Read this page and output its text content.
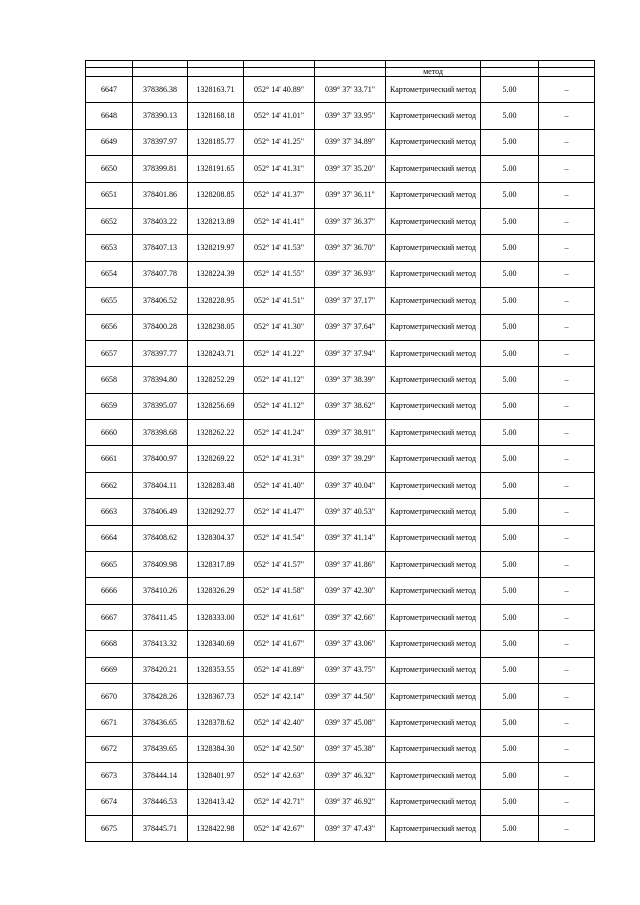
					метод		
6647	378386.38	1328163.71	052° 14' 40.89"	039° 37' 33.71"	Картометрический метод	5.00	–
6648	378390.13	1328168.18	052° 14' 41.01"	039° 37' 33.95"	Картометрический метод	5.00	–
6649	378397.97	1328185.77	052° 14' 41.25"	039° 37' 34.89"	Картометрический метод	5.00	–
6650	378399.81	1328191.65	052° 14' 41.31"	039° 37' 35.20"	Картометрический метод	5.00	–
6651	378401.86	1328208.85	052° 14' 41.37"	039° 37' 36.11"	Картометрический метод	5.00	–
6652	378403.22	1328213.89	052° 14' 41.41"	039° 37' 36.37"	Картометрический метод	5.00	–
6653	378407.13	1328219.97	052° 14' 41.53"	039° 37' 36.70"	Картометрический метод	5.00	–
6654	378407.78	1328224.39	052° 14' 41.55"	039° 37' 36.93"	Картометрический метод	5.00	–
6655	378406.52	1328228.95	052° 14' 41.51"	039° 37' 37.17"	Картометрический метод	5.00	–
6656	378400.28	1328238.05	052° 14' 41.30"	039° 37' 37.64"	Картометрический метод	5.00	–
6657	378397.77	1328243.71	052° 14' 41.22"	039° 37' 37.94"	Картометрический метод	5.00	–
6658	378394.80	1328252.29	052° 14' 41.12"	039° 37' 38.39"	Картометрический метод	5.00	–
6659	378395.07	1328256.69	052° 14' 41.12"	039° 37' 38.62"	Картометрический метод	5.00	–
6660	378398.68	1328262.22	052° 14' 41.24"	039° 37' 38.91"	Картометрический метод	5.00	–
6661	378400.97	1328269.22	052° 14' 41.31"	039° 37' 39.29"	Картометрический метод	5.00	–
6662	378404.11	1328283.48	052° 14' 41.40"	039° 37' 40.04"	Картометрический метод	5.00	–
6663	378406.49	1328292.77	052° 14' 41.47"	039° 37' 40.53"	Картометрический метод	5.00	–
6664	378408.62	1328304.37	052° 14' 41.54"	039° 37' 41.14"	Картометрический метод	5.00	–
6665	378409.98	1328317.89	052° 14' 41.57"	039° 37' 41.86"	Картометрический метод	5.00	–
6666	378410.26	1328326.29	052° 14' 41.58"	039° 37' 42.30"	Картометрический метод	5.00	–
6667	378411.45	1328333.00	052° 14' 41.61"	039° 37' 42.66"	Картометрический метод	5.00	–
6668	378413.32	1328340.69	052° 14' 41.67"	039° 37' 43.06"	Картометрический метод	5.00	–
6669	378420.21	1328353.55	052° 14' 41.89"	039° 37' 43.75"	Картометрический метод	5.00	–
6670	378428.26	1328367.73	052° 14' 42.14"	039° 37' 44.50"	Картометрический метод	5.00	–
6671	378436.65	1328378.62	052° 14' 42.40"	039° 37' 45.08"	Картометрический метод	5.00	–
6672	378439.65	1328384.30	052° 14' 42.50"	039° 37' 45.38"	Картометрический метод	5.00	–
6673	378444.14	1328401.97	052° 14' 42.63"	039° 37' 46.32"	Картометрический метод	5.00	–
6674	378446.53	1328413.42	052° 14' 42.71"	039° 37' 46.92"	Картометрический метод	5.00	–
6675	378445.71	1328422.98	052° 14' 42.67"	039° 37' 47.43"	Картометрический метод	5.00	–
